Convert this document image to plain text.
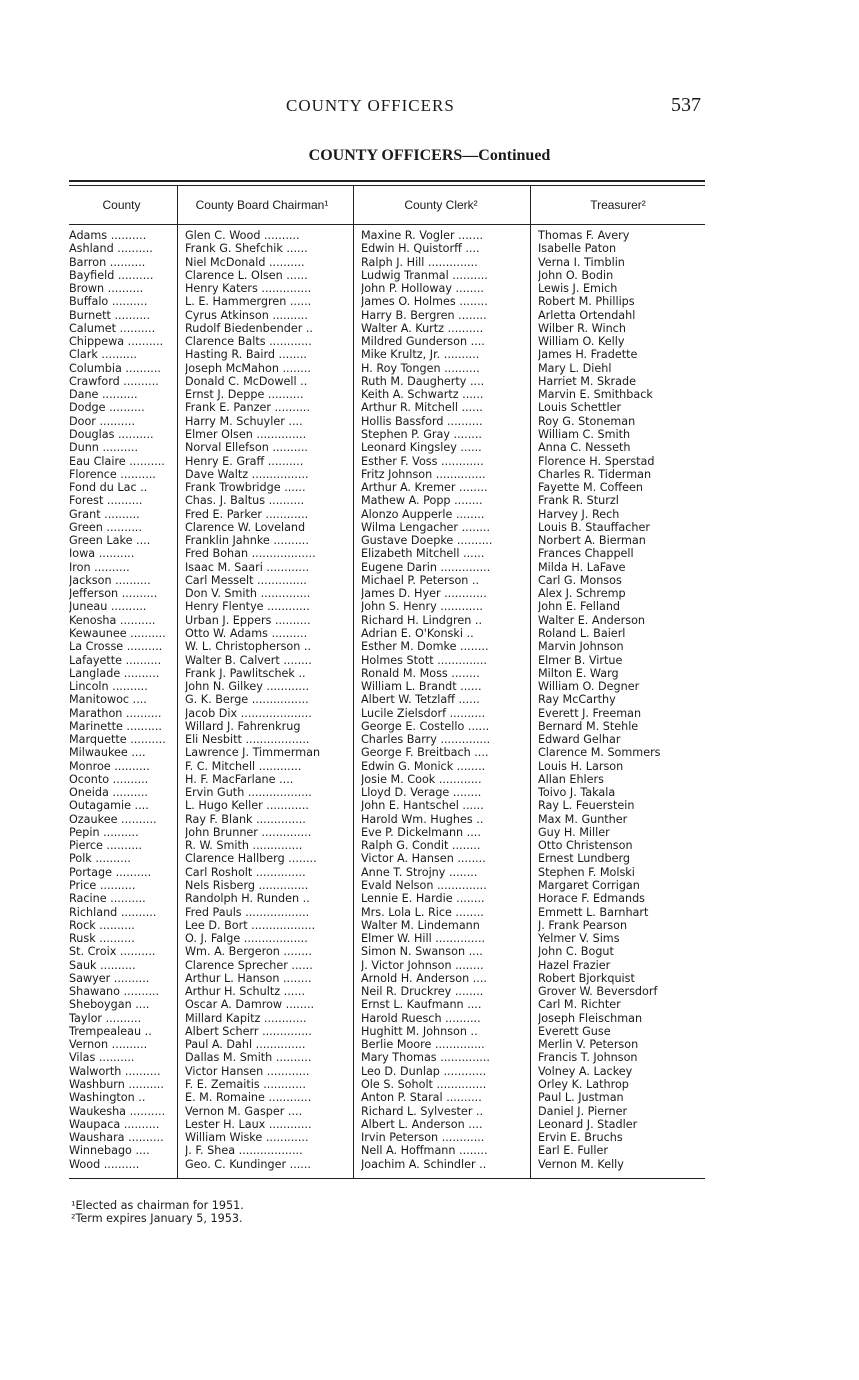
COUNTY OFFICERS	537
COUNTY OFFICERS—Continued
County	County Board Chairman¹	County Clerk²	Treasurer²
Adams ..........	Glen C. Wood ..........	Maxine R. Vogler .......	Thomas F. Avery
Ashland ..........	Frank G. Shefchik ......	Edwin H. Quistorff ....	Isabelle Paton
Barron ..........	Niel McDonald ..........	Ralph J. Hill ..............	Verna I. Timblin
Bayfield ..........	Clarence L. Olsen ......	Ludwig Tranmal ..........	John O. Bodin
Brown ..........	Henry Katers ..............	John P. Holloway ........	Lewis J. Emich
Buffalo ..........	L. E. Hammergren ......	James O. Holmes ........	Robert M. Phillips
Burnett ..........	Cyrus Atkinson ..........	Harry B. Bergren ........	Arletta Ortendahl
Calumet ..........	Rudolf Biedenbender ..	Walter A. Kurtz ..........	Wilber R. Winch
Chippewa ..........	Clarence Balts ............	Mildred Gunderson ....	William O. Kelly
Clark ..........	Hasting R. Baird ........	Mike Krultz, Jr. ..........	James H. Fradette
Columbia ..........	Joseph McMahon ........	H. Roy Tongen ..........	Mary L. Diehl
Crawford ..........	Donald C. McDowell ..	Ruth M. Daugherty ....	Harriet M. Skrade
Dane ..........	Ernst J. Deppe ..........	Keith A. Schwartz ......	Marvin E. Smithback
Dodge ..........	Frank E. Panzer ..........	Arthur R. Mitchell ......	Louis Schettler
Door ..........	Harry M. Schuyler ....	Hollis Bassford ..........	Roy G. Stoneman
Douglas ..........	Elmer Olsen ..............	Stephen P. Gray ........	William C. Smith
Dunn ..........	Norval Ellefson ..........	Leonard Kingsley ......	Anna C. Nesseth
Eau Claire ..........	Henry E. Graff ..........	Esther F. Voss ............	Florence H. Sperstad
Florence ..........	Dave Waltz ................	Fritz Johnson ..............	Charles R. Tiderman
Fond du Lac ..	Frank Trowbridge ......	Arthur A. Kremer ........	Fayette M. Coffeen
Forest ..........	Chas. J. Baltus ..........	Mathew A. Popp ........	Frank R. Sturzl
Grant ..........	Fred E. Parker ............	Alonzo Aupperle ........	Harvey J. Rech
Green ..........	Clarence W. Loveland	Wilma Lengacher ........	Louis B. Stauffacher
Green Lake ....	Franklin Jahnke ..........	Gustave Doepke ..........	Norbert A. Bierman
Iowa ..........	Fred Bohan ..................	Elizabeth Mitchell ......	Frances Chappell
Iron ..........	Isaac M. Saari ............	Eugene Darin ..............	Milda H. LaFave
Jackson ..........	Carl Messelt ..............	Michael P. Peterson ..	Carl G. Monsos
Jefferson ..........	Don V. Smith ..............	James D. Hyer ............	Alex J. Schremp
Juneau ..........	Henry Flentye ............	John S. Henry ............	John E. Felland
Kenosha ..........	Urban J. Eppers ..........	Richard H. Lindgren ..	Walter E. Anderson
Kewaunee ..........	Otto W. Adams ..........	Adrian E. O'Konski ..	Roland L. Baierl
La Crosse ..........	W. L. Christopherson ..	Esther M. Domke ........	Marvin Johnson
Lafayette ..........	Walter B. Calvert ........	Holmes Stott ..............	Elmer B. Virtue
Langlade ..........	Frank J. Pawlitschek ..	Ronald M. Moss ........	Milton E. Warg
Lincoln ..........	John N. Gilkey ............	William L. Brandt ......	William O. Degner
Manitowoc ....	G. K. Berge ................	Albert W. Tetzlaff ......	Ray McCarthy
Marathon ..........	Jacob Dix ....................	Lucile Zielsdorf ..........	Everett J. Freeman
Marinette ..........	Willard J. Fahrenkrug	George E. Costello ......	Bernard M. Stehle
Marquette ..........	Eli Nesbitt ..................	Charles Barry ..............	Edward Gelhar
Milwaukee ....	Lawrence J. Timmerman	George F. Breitbach ....	Clarence M. Sommers
Monroe ..........	F. C. Mitchell ............	Edwin G. Monick ........	Louis H. Larson
Oconto ..........	H. F. MacFarlane ....	Josie M. Cook ............	Allan Ehlers
Oneida ..........	Ervin Guth ..................	Lloyd D. Verage ........	Toivo J. Takala
Outagamie ....	L. Hugo Keller ............	John E. Hantschel ......	Ray L. Feuerstein
Ozaukee ..........	Ray F. Blank ..............	Harold Wm. Hughes ..	Max M. Gunther
Pepin ..........	John Brunner ..............	Eve P. Dickelmann ....	Guy H. Miller
Pierce ..........	R. W. Smith ..............	Ralph G. Condit ........	Otto Christenson
Polk ..........	Clarence Hallberg ........	Victor A. Hansen ........	Ernest Lundberg
Portage ..........	Carl Rosholt ..............	Anne T. Strojny ........	Stephen F. Molski
Price ..........	Nels Risberg ..............	Evald Nelson ..............	Margaret Corrigan
Racine ..........	Randolph H. Runden ..	Lennie E. Hardie ........	Horace F. Edmands
Richland ..........	Fred Pauls ..................	Mrs. Lola L. Rice ........	Emmett L. Barnhart
Rock ..........	Lee D. Bort ..................	Walter M. Lindemann	J. Frank Pearson
Rusk ..........	O. J. Falge ..................	Elmer W. Hill ..............	Yelmer V. Sims
St. Croix ..........	Wm. A. Bergeron ........	Simon N. Swanson ....	John C. Bogut
Sauk ..........	Clarence Sprecher ......	J. Victor Johnson ........	Hazel Frazier
Sawyer ..........	Arthur L. Hanson ........	Arnold H. Anderson ....	Robert Bjorkquist
Shawano ..........	Arthur H. Schultz ......	Neil R. Druckrey ........	Grover W. Beversdorf
Sheboygan ....	Oscar A. Damrow ........	Ernst L. Kaufmann ....	Carl M. Richter
Taylor ..........	Millard Kapitz ............	Harold Ruesch ..........	Joseph Fleischman
Trempealeau ..	Albert Scherr ..............	Hughitt M. Johnson ..	Everett Guse
Vernon ..........	Paul A. Dahl ..............	Berlie Moore ..............	Merlin V. Peterson
Vilas ..........	Dallas M. Smith ..........	Mary Thomas ..............	Francis T. Johnson
Walworth ..........	Victor Hansen ............	Leo D. Dunlap ............	Volney A. Lackey
Washburn ..........	F. E. Zemaitis ............	Ole S. Soholt ..............	Orley K. Lathrop
Washington ..	E. M. Romaine ............	Anton P. Staral ..........	Paul L. Justman
Waukesha ..........	Vernon M. Gasper ....	Richard L. Sylvester ..	Daniel J. Pierner
Waupaca ..........	Lester H. Laux ............	Albert L. Anderson ....	Leonard J. Stadler
Waushara ..........	William Wiske ............	Irvin Peterson ............	Ervin E. Bruchs
Winnebago ....	J. F. Shea ..................	Nell A. Hoffmann ........	Earl E. Fuller
Wood ..........	Geo. C. Kundinger ......	Joachim A. Schindler ..	Vernon M. Kelly
¹Elected as chairman for 1951.
²Term expires January 5, 1953.
